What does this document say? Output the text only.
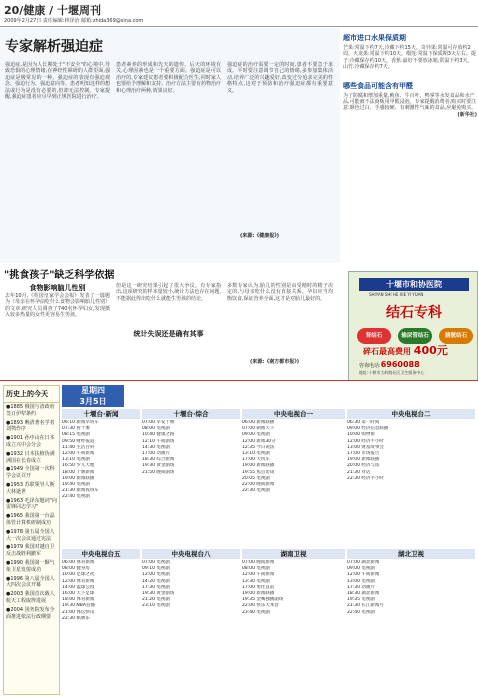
20/健康 / 十堰周刊
2009年2月27日 责任编辑:林泽治 邮箱:zhida369@sina.com
专家解析强迫症
强迫症,是因为人长期处于"不安全"的心境中,导致恐惧的心理情绪,在神经性障碍的人群里面,强迫症是极常见的一种。强迫症的表现有强迫观念、强迫行为、强迫意向等。患者明知这样的想法或行为是没有必要的,但却无法控制。专家提醒,强迫症患者应尽早到正规医院进行治疗。
患者素养的形成和先天的遗传、后天的环境有关,心理因素也是一个重要方面。强迫症是可以治疗的,专家建议患者要积极配合医生,同时家人也要给予理解和支持。治疗方法主要有药物治疗和心理治疗两种,效果良好。
强迫症的治疗需要一定的时间,患者不要急于求成。平时要注意调节自己的情绪,多参加集体活动,培养广泛的兴趣爱好,改变过分追求完美的性格特点,这对于预防和治疗强迫症都有重要意义。
(来源:《健康报》)
超市进口水果保质期
芒果:常温下约7天,冷藏下约15天。奇异果:常温可存放约2周。火龙果:常温下约10天。榴莲:常温下保质期3天左右。提子:冷藏保存约10天。香蕉:最好不要放冰箱,常温下约3天。山竹:冷藏保存约7天。
哪些食品可能含有甲醛
为了防腐和增加重量,鱿鱼、牛百叶、鸭掌等水发食品和水产品,可能被不法商贩用甲醛浸泡。专家提醒消费者,购买时要注意:颜色过白、手感较硬、有刺激性气味的食品,应避免购买。
(新华社)
"挑食孩子"缺乏科学依据
食物影响脑儿性别
去年10月,《英国皇家学会会报》发表了一篇题为《母亲在怀孕前吃什么食物会影响胎儿性别》的文章,研究人员调查了740名怀孕妇女,发现摄入较多热量的女性更容易生男孩。
但是这一研究结果引起了很大争议。有专家指出,这项研究的样本量较小,统计方法也存在问题,不能据此得出吃什么就能生男孩的结论。
统计失误还是确有其事
多数专家认为,胎儿的性别是由受精时的精子决定的,与母亲吃什么没有直接关系。孕妇应当均衡饮食,保证营养全面,这才是对胎儿最好的。
(来源:《南方都市报》)
十堰市和协医院
SHIYAN SHI HE XIE YI YUAN
结石专科
肾结石	输尿管结石	膀胱结石
碎石最高费用 400元
咨询电话:6960088
地址:十堰市大岭路社区卫生服务中心
历史上的今天
●1885 俄国与清政府签订伊犁条约
●1893 晚清著名学者刘鹗作序
●1901 孙中山在日本成立兴中会分会
●1932 日本扶植伪满洲国在长春成立
●1949 全国第一次科学会议召开
●1953 苏联领导人斯大林逝世
●1963 毛泽东题词"向雷锋同志学习"
●1965 我国第一台晶体管计算机研制成功
●1978 第五届全国人大一次会议通过宪法
●1979 我国对越自卫反击战胜利撤军
●1990 我国第一颗气象卫星发射成功
●1996 第八届全国人大四次会议开幕
●2003 我国首次载人航天工程取得进展
●2004 国务院发布全面推进依法行政纲要
星期四
3月5日
十堰台·新闻
06:10 新闻早班车
07:30 看十堰
08:15 电视剧
09:50 财经报道
11:40 生活百科
12:00 午间新闻
13:10 电视剧
16:50 少儿天地
18:00 十堰新闻
19:00 新闻联播
19:40 电视剧
21:30 新闻夜班车
22:40 电视剧
十堰台·综合
07:00 早安十堰
08:00 电视剧
10:40 健康之路
12:10 午间剧场
14:30 电视剧
17:00 动画片
18:30 综合新闻
19:30 黄金剧场
21:50 晚间剧场
中央电视台一
06:00 新闻联播
07:00 朝闻天下
09:00 电视剧
12:00 新闻30分
12:35 今日说法
13:10 电视剧
17:00 大风车
19:00 新闻联播
19:55 焦点访谈
20:05 电视剧
22:00 晚间新闻
22:30 电视剧
中央电视台二
06:30 第一时间
09:00 经济信息联播
10:00 购物街
12:00 经济半小时
13:00 财富故事会
17:00 市场报告
19:00 新闻联播
20:00 经济与法
21:30 对话
22:30 经济半小时
中央电视台五
06:00 体育新闻
08:00 健身房
10:00 足球之夜
12:00 体育新闻
14:00 篮球公园
16:00 天下足球
18:00 体育新闻
19:30 NBA直播
21:00 体坛快讯
22:30 棋牌乐
中央电视台八
07:00 电视剧
09:10 电视剧
12:00 电视剧
14:20 电视剧
17:30 电视剧
19:30 黄金剧场
21:20 电视剧
23:10 电视剧
湖南卫视
07:00 晚间新闻
08:00 电视剧
12:00 午间新闻
13:30 电视剧
17:00 勇往直前
19:00 新闻联播
19:35 金鹰独播剧场
22:00 快乐大本营
23:40 电视剧
湖北卫视
07:00 湖北新闻
09:00 电视剧
12:00 午间新闻
13:00 电视剧
17:30 动画片
18:30 湖北新闻
19:35 电视剧
21:30 长江新闻号
22:40 电视剧
